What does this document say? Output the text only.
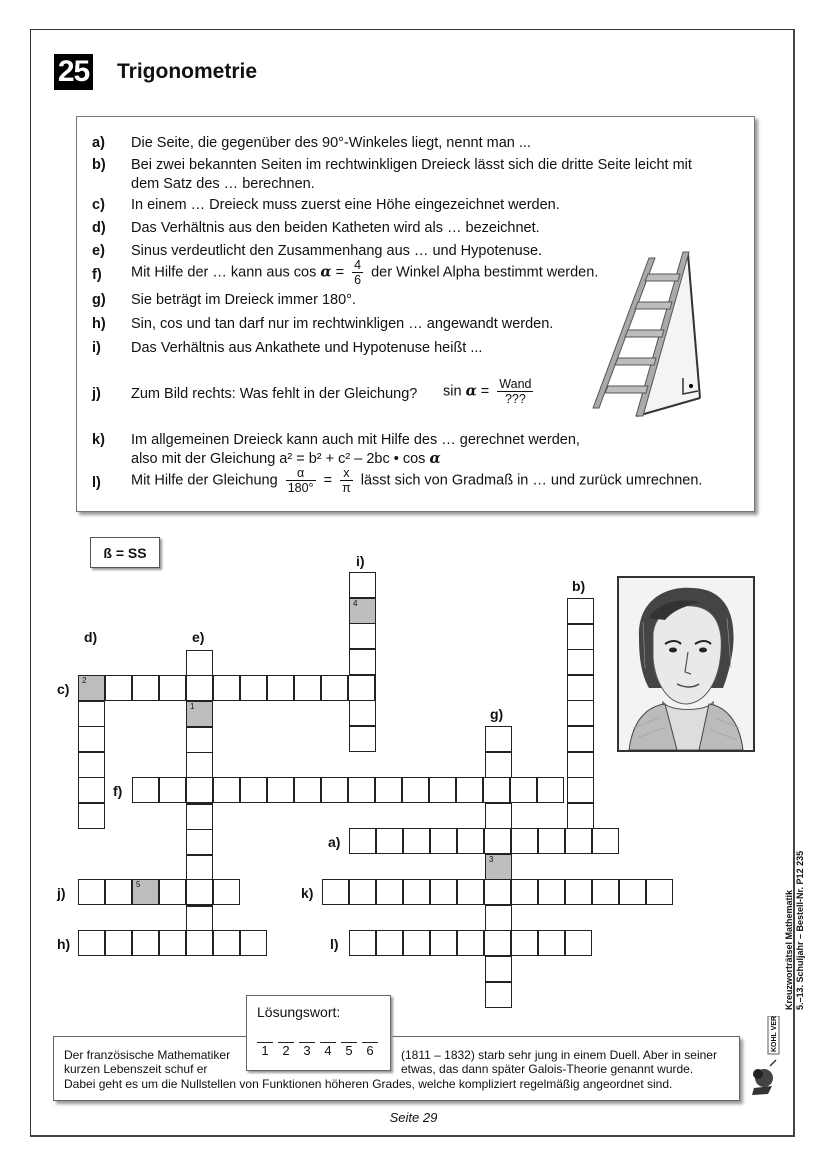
25 Trigonometrie
a) Die Seite, die gegenüber des 90°-Winkeles liegt, nennt man ...
b) Bei zwei bekannten Seiten im rechtwinkligen Dreieck lässt sich die dritte Seite leicht mit
dem Satz des … berechnen.
c) In einem … Dreieck muss zuerst eine Höhe eingezeichnet werden.
d) Das Verhältnis aus den beiden Katheten wird als … bezeichnet.
e) Sinus verdeutlicht den Zusammenhang aus … und Hypotenuse.
f) Mit Hilfe der … kann aus $\cos \alpha = \frac{4}{6}$ der Winkel Alpha bestimmt werden.
g) Sie beträgt im Dreieck immer 180°.
h) Sin, cos und tan darf nur im rechtwinkligen … angewandt werden.
i) Das Verhältnis aus Ankathete und Hypotenuse heißt ...
j) Zum Bild rechts: Was fehlt in der Gleichung? $\sin \alpha = \frac{\text{Wand}}{???}$
k) Im allgemeinen Dreieck kann auch mit Hilfe des … gerechnet werden,
also mit der Gleichung a² = b² + c² – 2bc • cos α
l) Mit Hilfe der Gleichung $\frac{\alpha}{180^\circ} = \frac{x}{\pi}$ lässt sich von Gradmaß in … und zurück umrechnen.
ß = SS
4
2
1
3
5
i)
b)
d)	e)
c)
g)
f)
a)
j)	k)
h)	l)
Der französische Mathematiker	(1811 – 1832) starb sehr jung in einem Duell. Aber in seiner
kurzen Lebenszeit schuf er	etwas, das dann später Galois-Theorie genannt wurde.
Dabei geht es um die Nullstellen von Funktionen höheren Grades, welche kompliziert regelmäßig angeordnet sind.
Lösungswort:
1	2	3	4	5	6
Kreuzworträtsel Mathematik 5.–13. Schuljahr – Bestell-Nr. P12 235
KOHL VERLAG
Seite 29
